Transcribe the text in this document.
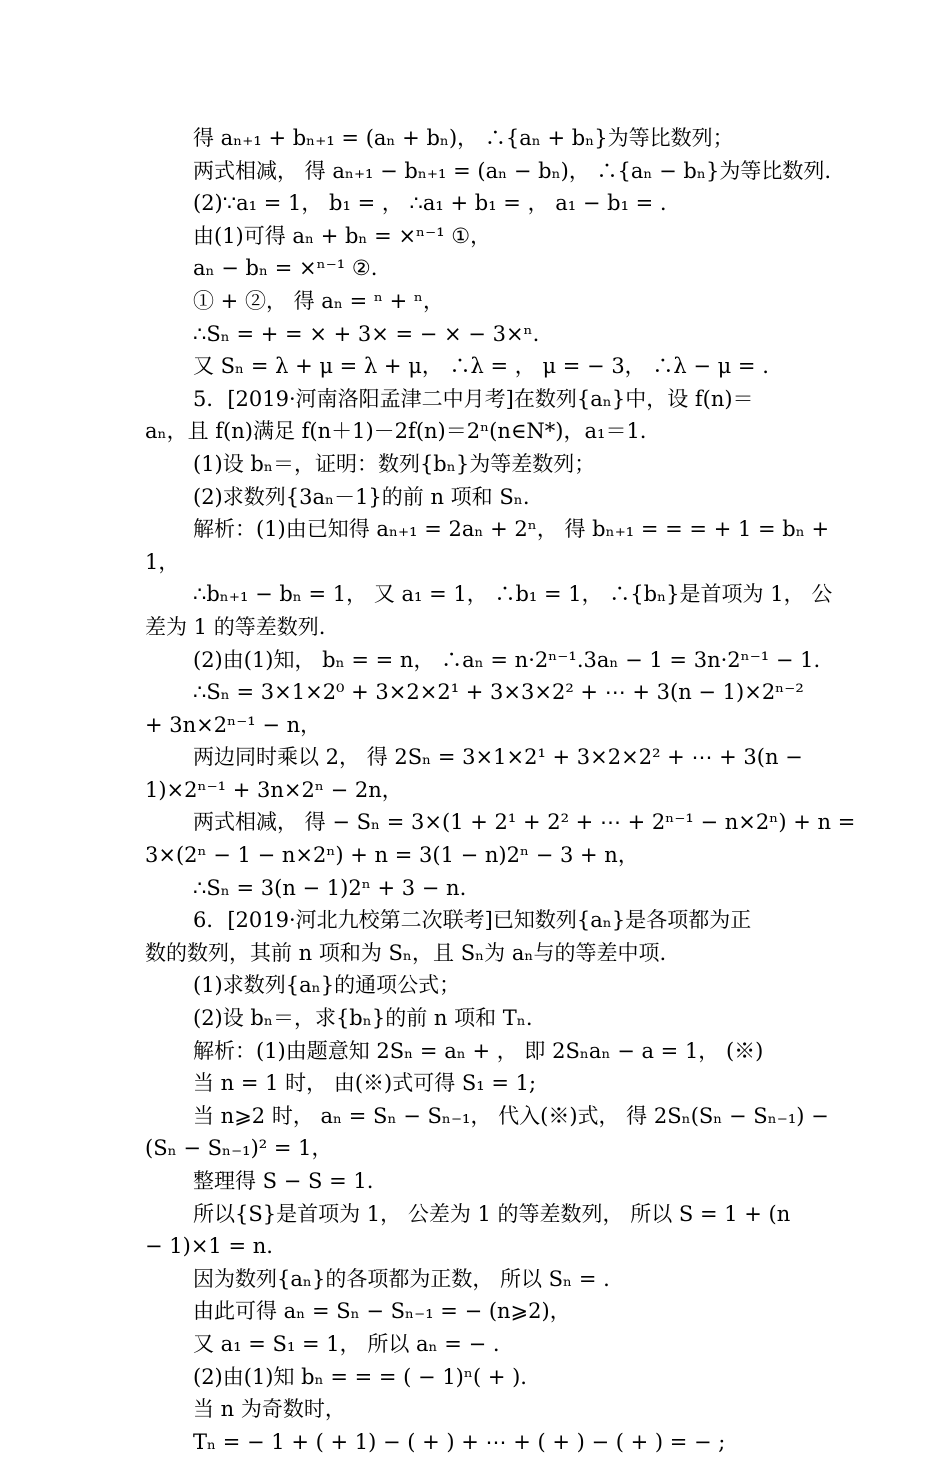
得 aₙ₊₁ + bₙ₊₁ = (aₙ + bₙ)， ∴{aₙ + bₙ}为等比数列；
两式相减， 得 aₙ₊₁ − bₙ₊₁ = (aₙ − bₙ)， ∴{aₙ − bₙ}为等比数列.
(2)∵a₁ = 1， b₁ = ， ∴a₁ + b₁ = ， a₁ − b₁ = .
由(1)可得 aₙ + bₙ = ×ⁿ⁻¹ ①，
aₙ − bₙ = ×ⁿ⁻¹ ②.
① + ②， 得 aₙ = ⁿ + ⁿ，
∴Sₙ = + = × + 3× = − × − 3×ⁿ.
又 Sₙ = λ + μ = λ + μ， ∴λ = ， μ = − 3， ∴λ − μ = .
5．[2019·河南洛阳孟津二中月考]在数列{aₙ}中，设 f(n)＝
aₙ，且 f(n)满足 f(n＋1)－2f(n)＝2ⁿ(n∈N*)，a₁＝1.
(1)设 bₙ＝，证明：数列{bₙ}为等差数列；
(2)求数列{3aₙ－1}的前 n 项和 Sₙ.
解析：(1)由已知得 aₙ₊₁ = 2aₙ + 2ⁿ， 得 bₙ₊₁ = = = + 1 = bₙ +
1，
∴bₙ₊₁ − bₙ = 1， 又 a₁ = 1， ∴b₁ = 1， ∴{bₙ}是首项为 1， 公
差为 1 的等差数列.
(2)由(1)知， bₙ = = n， ∴aₙ = n·2ⁿ⁻¹.3aₙ − 1 = 3n·2ⁿ⁻¹ − 1.
∴Sₙ = 3×1×2⁰ + 3×2×2¹ + 3×3×2² + ⋯ + 3(n − 1)×2ⁿ⁻²
+ 3n×2ⁿ⁻¹ − n，
两边同时乘以 2， 得 2Sₙ = 3×1×2¹ + 3×2×2² + ⋯ + 3(n −
1)×2ⁿ⁻¹ + 3n×2ⁿ − 2n，
两式相减， 得 − Sₙ = 3×(1 + 2¹ + 2² + ⋯ + 2ⁿ⁻¹ − n×2ⁿ) + n =
3×(2ⁿ − 1 − n×2ⁿ) + n = 3(1 − n)2ⁿ − 3 + n，
∴Sₙ = 3(n − 1)2ⁿ + 3 − n.
6．[2019·河北九校第二次联考]已知数列{aₙ}是各项都为正
数的数列，其前 n 项和为 Sₙ，且 Sₙ为 aₙ与的等差中项.
(1)求数列{aₙ}的通项公式；
(2)设 bₙ＝，求{bₙ}的前 n 项和 Tₙ.
解析：(1)由题意知 2Sₙ = aₙ + ， 即 2Sₙaₙ − a = 1， (※)
当 n = 1 时， 由(※)式可得 S₁ = 1;
当 n⩾2 时， aₙ = Sₙ − Sₙ₋₁， 代入(※)式， 得 2Sₙ(Sₙ − Sₙ₋₁) −
(Sₙ − Sₙ₋₁)² = 1，
整理得 S − S = 1.
所以{S}是首项为 1， 公差为 1 的等差数列， 所以 S = 1 + (n
− 1)×1 = n.
因为数列{aₙ}的各项都为正数， 所以 Sₙ = .
由此可得 aₙ = Sₙ − Sₙ₋₁ = − (n⩾2)，
又 a₁ = S₁ = 1， 所以 aₙ = − .
(2)由(1)知 bₙ = = = ( − 1)ⁿ( + ).
当 n 为奇数时，
Tₙ = − 1 + ( + 1) − ( + ) + ⋯ + ( + ) − ( + ) = − ;
